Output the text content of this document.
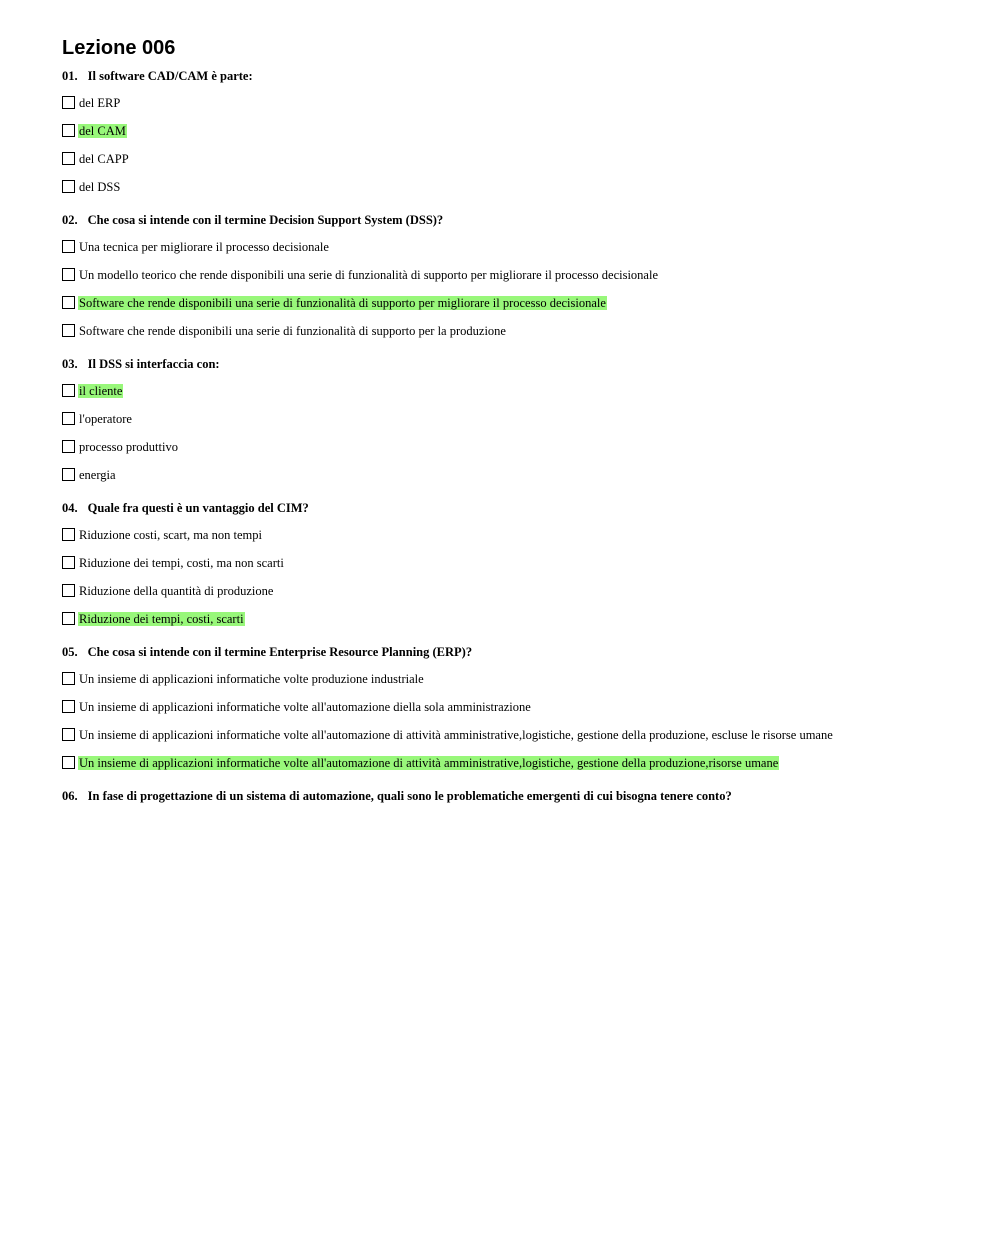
Lezione 006
01. Il software CAD/CAM è parte:
del ERP
del CAM
del CAPP
del DSS
02. Che cosa si intende con il termine Decision Support System (DSS)?
Una tecnica per migliorare il processo decisionale
Un modello teorico che rende disponibili una serie di funzionalità di supporto per migliorare il processo decisionale
Software che rende disponibili una serie di funzionalità di supporto per migliorare il processo decisionale
Software che rende disponibili una serie di funzionalità di supporto per la produzione
03. Il DSS si interfaccia con:
il cliente
l'operatore
processo produttivo
energia
04. Quale fra questi è un vantaggio del CIM?
Riduzione costi, scart, ma non tempi
Riduzione dei tempi, costi, ma non scarti
Riduzione della quantità di produzione
Riduzione dei tempi, costi, scarti
05. Che cosa si intende con il termine Enterprise Resource Planning (ERP)?
Un insieme di applicazioni informatiche volte produzione industriale
Un insieme di applicazioni informatiche volte all'automazione diella sola amministrazione
Un insieme di applicazioni informatiche volte all'automazione di attività amministrative,logistiche, gestione della produzione, escluse le risorse umane
Un insieme di applicazioni informatiche volte all'automazione di attività amministrative,logistiche, gestione della produzione,risorse umane
06. In fase di progettazione di un sistema di automazione, quali sono le problematiche emergenti di cui bisogna tenere conto?
